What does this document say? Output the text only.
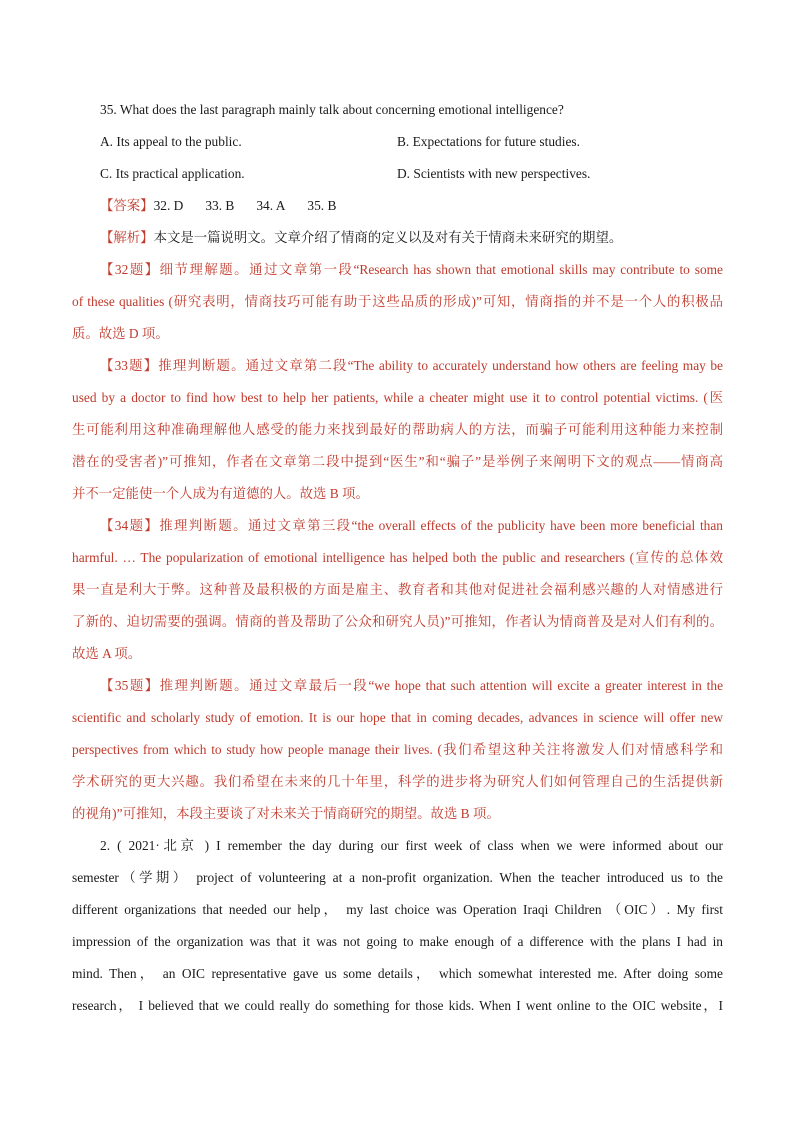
35. What does the last paragraph mainly talk about concerning emotional intelligence?
A. Its appeal to the public.	B. Expectations for future studies.
C. Its practical application.	D. Scientists with new perspectives.
【答案】32. D 33. B 34. A 35. B
【解析】本文是一篇说明文。文章介绍了情商的定义以及对有关于情商未来研究的期望。
【32题】细节理解题。通过文章第一段“Research has shown that emotional skills may contribute to some
of these qualities (研究表明，情商技巧可能有助于这些品质的形成)”可知，情商指的并不是一个人的积极品
质。故选 D 项。
【33题】推理判断题。通过文章第二段“The ability to accurately understand how others are feeling may be
used by a doctor to find how best to help her patients, while a cheater might use it to control potential victims. (医
生可能利用这种准确理解他人感受的能力来找到最好的帮助病人的方法，而骗子可能利用这种能力来控制
潜在的受害者)”可推知，作者在文章第二段中提到“医生”和“骗子”是举例子来阐明下文的观点——情商高
并不一定能使一个人成为有道德的人。故选 B 项。
【34题】推理判断题。通过文章第三段“the overall effects of the publicity have been more beneficial than
harmful. … The popularization of emotional intelligence has helped both the public and researchers (宣传的总体效
果一直是利大于弊。这种普及最积极的方面是雇主、教育者和其他对促进社会福利感兴趣的人对情感进行
了新的、迫切需要的强调。情商的普及帮助了公众和研究人员)”可推知，作者认为情商普及是对人们有利的。
故选 A 项。
【35题】推理判断题。通过文章最后一段“we hope that such attention will excite a greater interest in the
scientific and scholarly study of emotion. It is our hope that in coming decades, advances in science will offer new
perspectives from which to study how people manage their lives. (我们希望这种关注将激发人们对情感科学和
学术研究的更大兴趣。我们希望在未来的几十年里，科学的进步将为研究人们如何管理自己的生活提供新
的视角)”可推知，本段主要谈了对未来关于情商研究的期望。故选 B 项。
2. ( 2021·北京 ) I remember the day during our first week of class when we were informed about our
semester（学期） project of volunteering at a non-profit organization. When the teacher introduced us to the
different organizations that needed our help， my last choice was Operation Iraqi Children （OIC）. My first
impression of the organization was that it was not going to make enough of a difference with the plans I had in
mind. Then， an OIC representative gave us some details， which somewhat interested me. After doing some
research， I believed that we could really do something for those kids. When I went online to the OIC website，I
